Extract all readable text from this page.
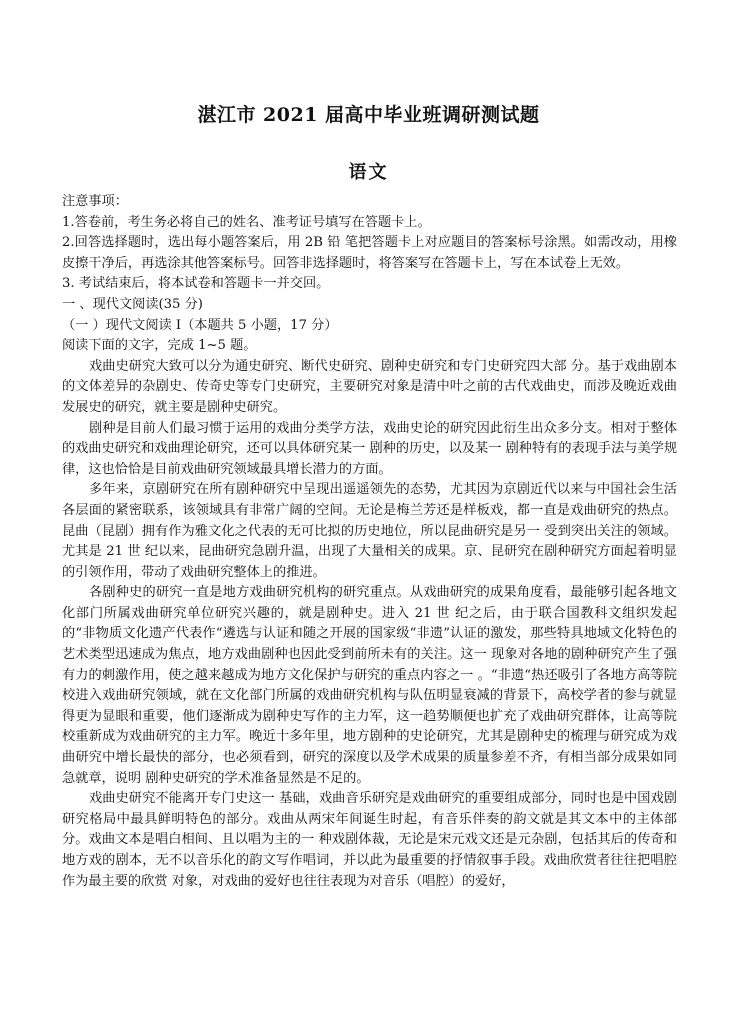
湛江市 2021 届高中毕业班调研测试题
语文
注意事项：
1.答卷前，考生务必将自己的姓名、准考证号填写在答题卡上。
2.回答选择题时，选出每小题答案后，用 2B 铅 笔把答题卡上对应题目的答案标号涂黑。如需改动，用橡皮擦干净后，再选涂其他答案标号。回答非选择题时，将答案写在答题卡上，写在本试卷上无效。
3. 考试结束后，将本试卷和答题卡一并交回。
一 、现代文阅读(35 分)
（一 ）现代文阅读 I（本题共 5 小题，17 分）
阅读下面的文字，完成 1~5 题。

戏曲史研究大致可以分为通史研究、断代史研究、剧种史研究和专门史研究四大部 分。基于戏曲剧本的文体差异的杂剧史、传奇史等专门史研究，主要研究对象是清中叶之前的古代戏曲史，而涉及晚近戏曲发展史的研究，就主要是剧种史研究。

剧种是目前人们最习惯于运用的戏曲分类学方法，戏曲史论的研究因此衍生出众多分支。相对于整体的戏曲史研究和戏曲理论研究，还可以具体研究某一 剧种的历史，以及某一 剧种特有的表现手法与美学规律，这也恰恰是目前戏曲研究领域最具增长潜力的方面。

多年来，京剧研究在所有剧种研究中呈现出遥遥领先的态势，尤其因为京剧近代以来与中国社会生活各层面的紧密联系，该领域具有非常广阔的空间。无论是梅兰芳还是样板戏，都一直是戏曲研究的热点。昆曲（昆剧）拥有作为雅文化之代表的无可比拟的历史地位，所以昆曲研究是另一 受到突出关注的领域。尤其是 21 世 纪以来，昆曲研究急剧升温，出现了大量相关的成果。京、昆研究在剧种研究方面起着明显的引领作用，带动了戏曲研究整体上的推进。

各剧种史的研究一直是地方戏曲研究机构的研究重点。从戏曲研究的成果角度看，最能够引起各地文化部门所属戏曲研究单位研究兴趣的，就是剧种史。进入 21 世 纪之后，由于联合国教科文组织发起的“非物质文化遗产代表作“遴选与认证和随之开展的国家级“非遗”认证的激发，那些特具地域文化特色的艺术类型迅速成为焦点，地方戏曲剧种也因此受到前所未有的关注。这一 现象对各地的剧种研究产生了强有力的刺激作用，使之越来越成为地方文化保护与研究的重点内容之一 。“非遗“热还吸引了各地方高等院校进入戏曲研究领域，就在文化部门所属的戏曲研究机构与队伍明显衰减的背景下，高校学者的参与就显得更为显眼和重要，他们逐渐成为剧种史写作的主力军，这一趋势顺便也扩充了戏曲研究群体，让高等院校重新成为戏曲研究的主力军。晚近十多年里，地方剧种的史论研究，尤其是剧种史的梳理与研究成为戏曲研究中增长最快的部分，也必须看到，研究的深度以及学术成果的质量参差不齐，有相当部分成果如同急就章，说明 剧种史研究的学术准备显然是不足的。

戏曲史研究不能离开专门史这一 基础，戏曲音乐研究是戏曲研究的重要组成部分，同时也是中国戏剧研究格局中最具鲜明特色的部分。戏曲从两宋年间诞生时起，有音乐伴奏的韵文就是其文本中的主体部分。戏曲文本是唱白相间、且以唱为主的一 种戏剧体裁，无论是宋元戏文还是元杂剧，包括其后的传奇和地方戏的剧本，无不以音乐化的韵文写作唱词，并以此为最重要的抒情叙事手段。戏曲欣赏者往往把唱腔作为最主要的欣赏 对象，对戏曲的爱好也往往表现为对音乐（唱腔）的爱好，
